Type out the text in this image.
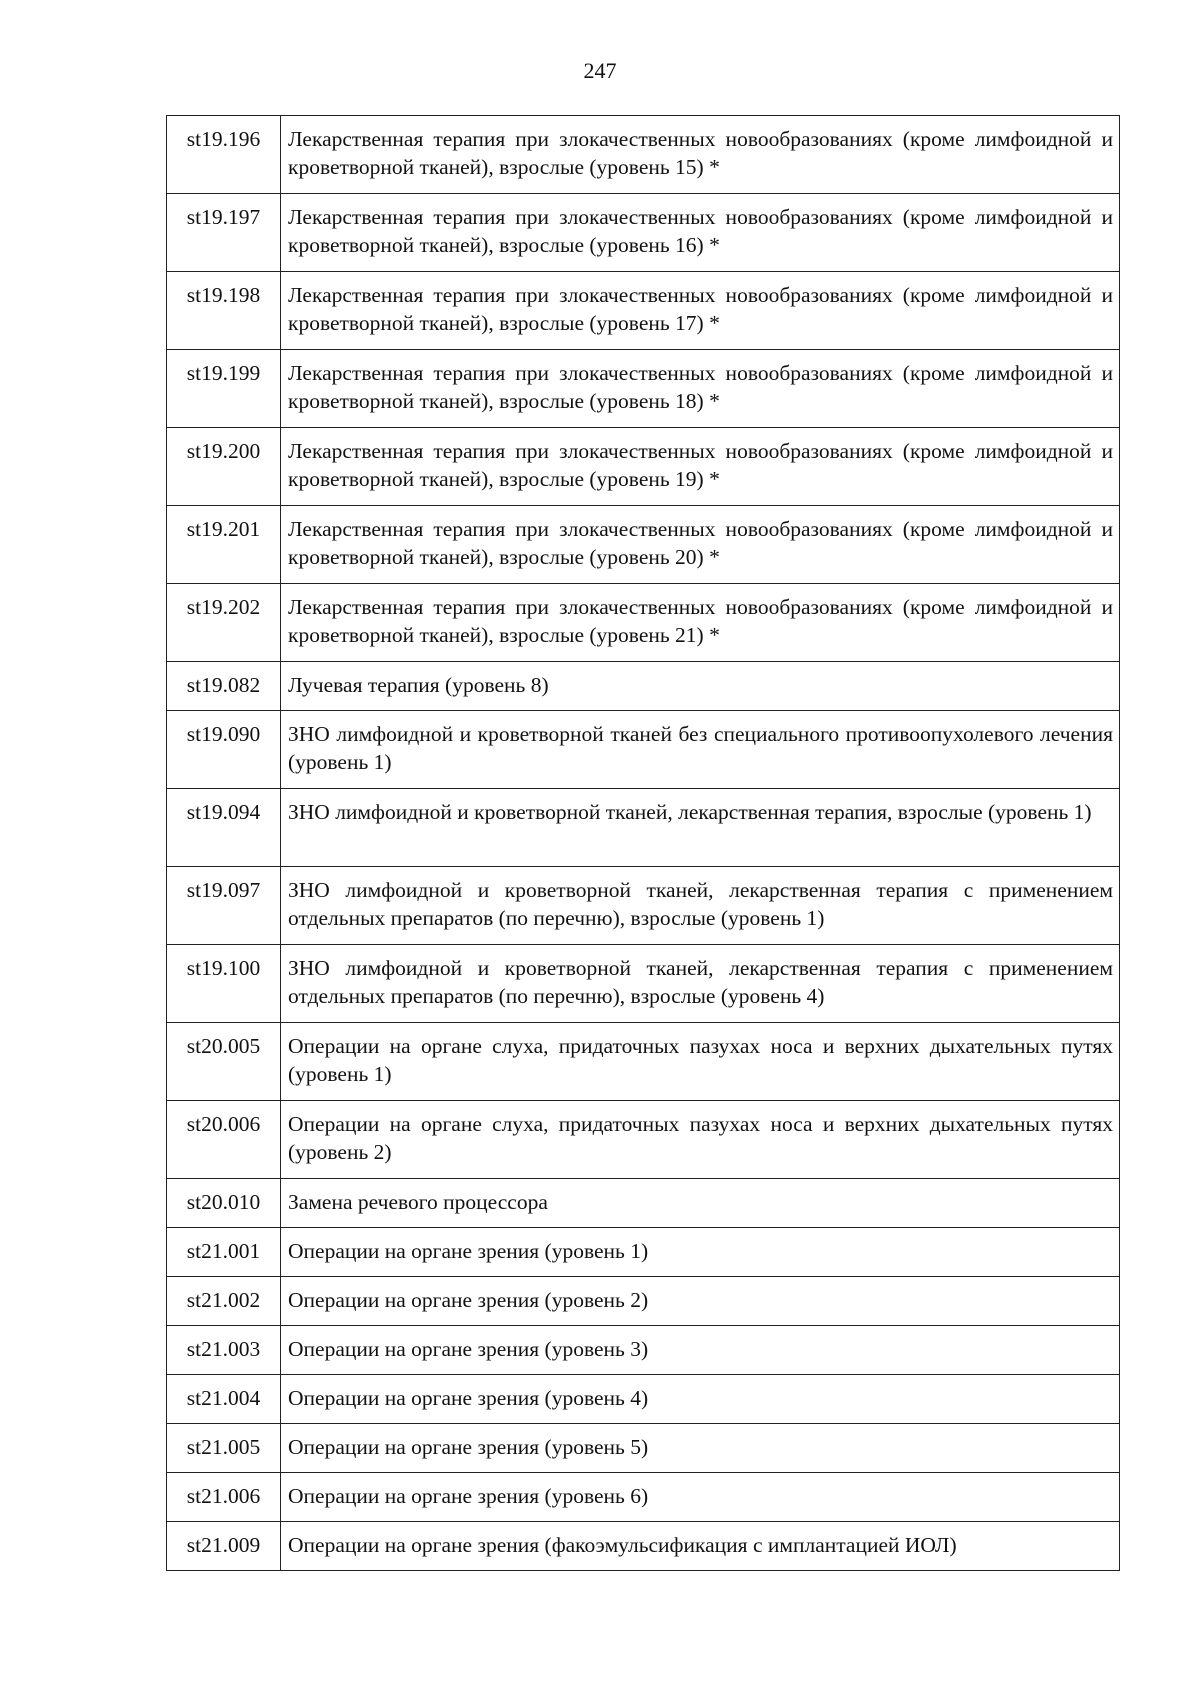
247
st19.196	Лекарственная терапия при злокачественных новообразованиях (кроме лимфоидной и кроветворной тканей), взрослые (уровень 15) *
st19.197	Лекарственная терапия при злокачественных новообразованиях (кроме лимфоидной и кроветворной тканей), взрослые (уровень 16) *
st19.198	Лекарственная терапия при злокачественных новообразованиях (кроме лимфоидной и кроветворной тканей), взрослые (уровень 17) *
st19.199	Лекарственная терапия при злокачественных новообразованиях (кроме лимфоидной и кроветворной тканей), взрослые (уровень 18) *
st19.200	Лекарственная терапия при злокачественных новообразованиях (кроме лимфоидной и кроветворной тканей), взрослые (уровень 19) *
st19.201	Лекарственная терапия при злокачественных новообразованиях (кроме лимфоидной и кроветворной тканей), взрослые (уровень 20) *
st19.202	Лекарственная терапия при злокачественных новообразованиях (кроме лимфоидной и кроветворной тканей), взрослые (уровень 21) *
st19.082	Лучевая терапия (уровень 8)
st19.090	ЗНО лимфоидной и кроветворной тканей без специального противоопухолевого лечения (уровень 1)
st19.094	ЗНО лимфоидной и кроветворной тканей, лекарственная терапия, взрослые (уровень 1)
st19.097	ЗНО лимфоидной и кроветворной тканей, лекарственная терапия с применением отдельных препаратов (по перечню), взрослые (уровень 1)
st19.100	ЗНО лимфоидной и кроветворной тканей, лекарственная терапия с применением отдельных препаратов (по перечню), взрослые (уровень 4)
st20.005	Операции на органе слуха, придаточных пазухах носа и верхних дыхательных путях (уровень 1)
st20.006	Операции на органе слуха, придаточных пазухах носа и верхних дыхательных путях (уровень 2)
st20.010	Замена речевого процессора
st21.001	Операции на органе зрения (уровень 1)
st21.002	Операции на органе зрения (уровень 2)
st21.003	Операции на органе зрения (уровень 3)
st21.004	Операции на органе зрения (уровень 4)
st21.005	Операции на органе зрения (уровень 5)
st21.006	Операции на органе зрения (уровень 6)
st21.009	Операции на органе зрения (факоэмульсификация с имплантацией ИОЛ)
